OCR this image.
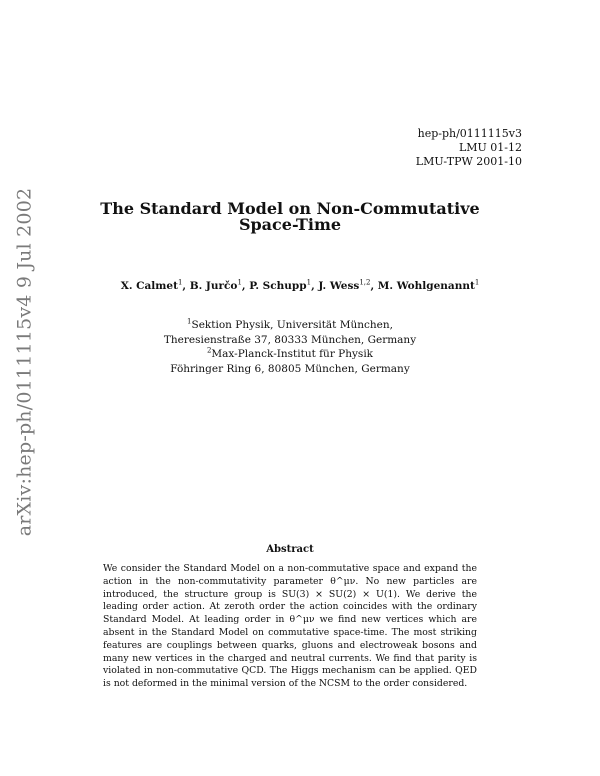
arXiv:hep-ph/0111115v4 9 Jul 2002
hep-ph/0111115v3
LMU 01-12
LMU-TPW 2001-10
The Standard Model on Non-Commutative
Space-Time
X. Calmet$^1$, B. Jurčo$^1$, P. Schupp$^1$, J. Wess$^{1,2}$, M. Wohlgenannt$^1$
$^1$Sektion Physik, Universität München,
Theresienstraße 37, 80333 München, Germany
$^2$Max-Planck-Institut für Physik
Föhringer Ring 6, 80805 München, Germany
Abstract
We consider the Standard Model on a non-commutative space and expand the action in the non-commutativity parameter θ^μν. No new particles are introduced, the structure group is SU(3) × SU(2) × U(1). We derive the leading order action. At zeroth order the action coincides with the ordinary Standard Model. At leading order in θ^μν we find new vertices which are absent in the Standard Model on commutative space-time. The most striking features are couplings between quarks, gluons and electroweak bosons and many new vertices in the charged and neutral currents. We find that parity is violated in non-commutative QCD. The Higgs mechanism can be applied. QED is not deformed in the minimal version of the NCSM to the order considered.
